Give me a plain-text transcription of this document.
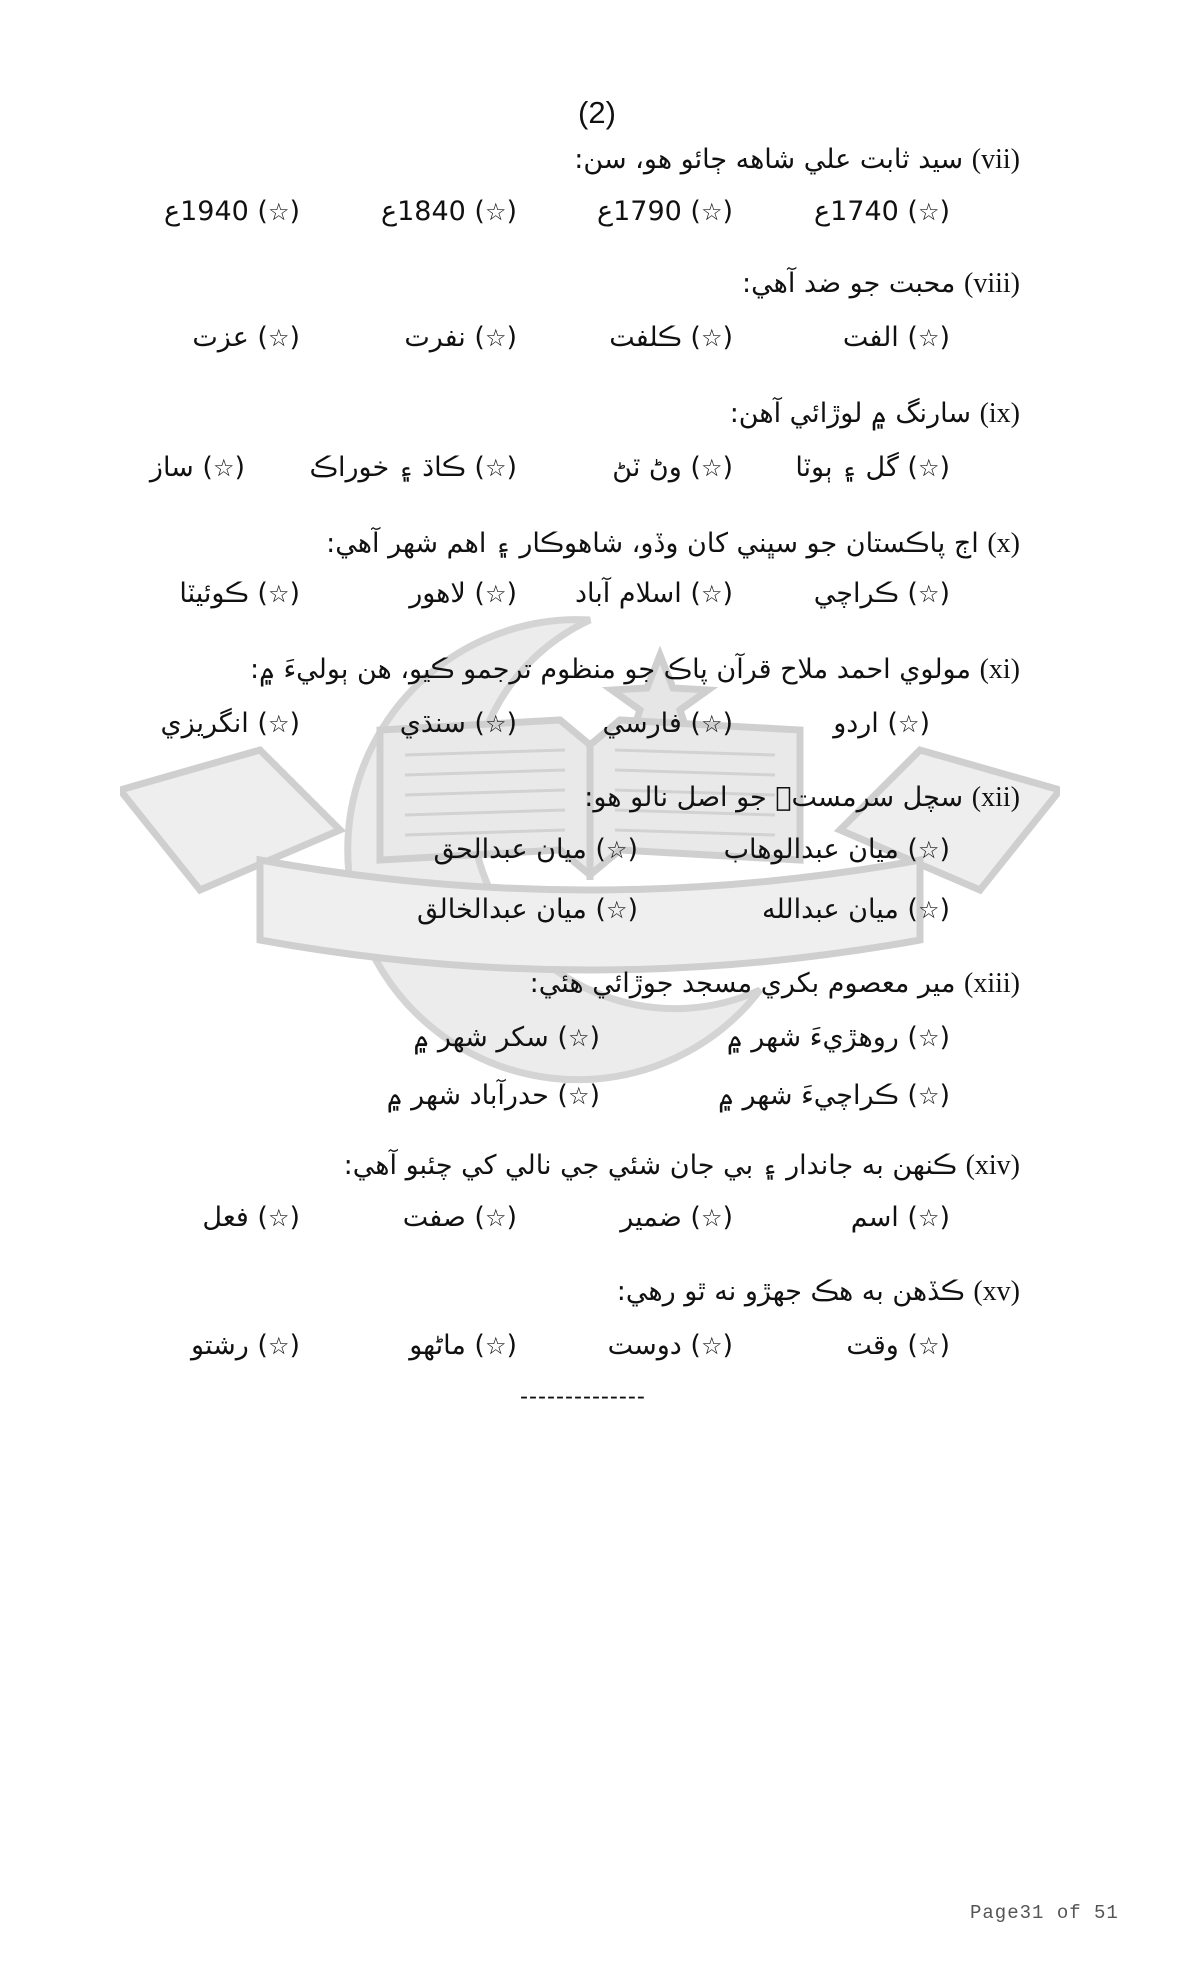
(2)
(vii) سيد ثابت علي شاهه ڄائو هو، سن:
(☆) 1740ع
(☆) 1790ع
(☆) 1840ع
(☆) 1940ع
(viii) محبت جو ضد آهي:
(☆) الفت
(☆) ڪلفت
(☆) نفرت
(☆) عزت
(ix) سارنگ ۾ لوڙائي آهن:
(☆) گل ۽ ٻوٽا
(☆) وڻ ٽڻ
(☆) ڪاڌ ۽ خوراڪ
(☆) ساز
(x) اڄ پاڪستان جو سڀني کان وڏو، شاهوڪار ۽ اهم شهر آهي:
(☆) ڪراچي
(☆) اسلام آباد
(☆) لاهور
(☆) ڪوئيٽا
(xi) مولوي احمد ملاح قرآن پاڪ جو منظوم ترجمو ڪيو، هن ٻوليءَ ۾:
(☆) اردو
(☆) فارسي
(☆) سنڌي
(☆) انگريزي
(xii) سچل سرمستؒ جو اصل نالو هو:
(☆) ميان عبدالوهاب
(☆) ميان عبدالحق
(☆) ميان عبدالله
(☆) ميان عبدالخالق
(xiii) مير معصوم بکري مسجد جوڙائي هئي:
(☆) روهڙيءَ شهر ۾
(☆) سکر شهر ۾
(☆) ڪراچيءَ شهر ۾
(☆) حدرآباد شهر ۾
(xiv) ڪنهن به جاندار ۽ بي جان شئي جي نالي کي چئبو آهي:
(☆) اسم
(☆) ضمير
(☆) صفت
(☆) فعل
(xv) ڪڏهن به هڪ جهڙو نه ٿو رهي:
(☆) وقت
(☆) دوست
(☆) ماڻهو
(☆) رشتو
--------------
Page31 of 51
